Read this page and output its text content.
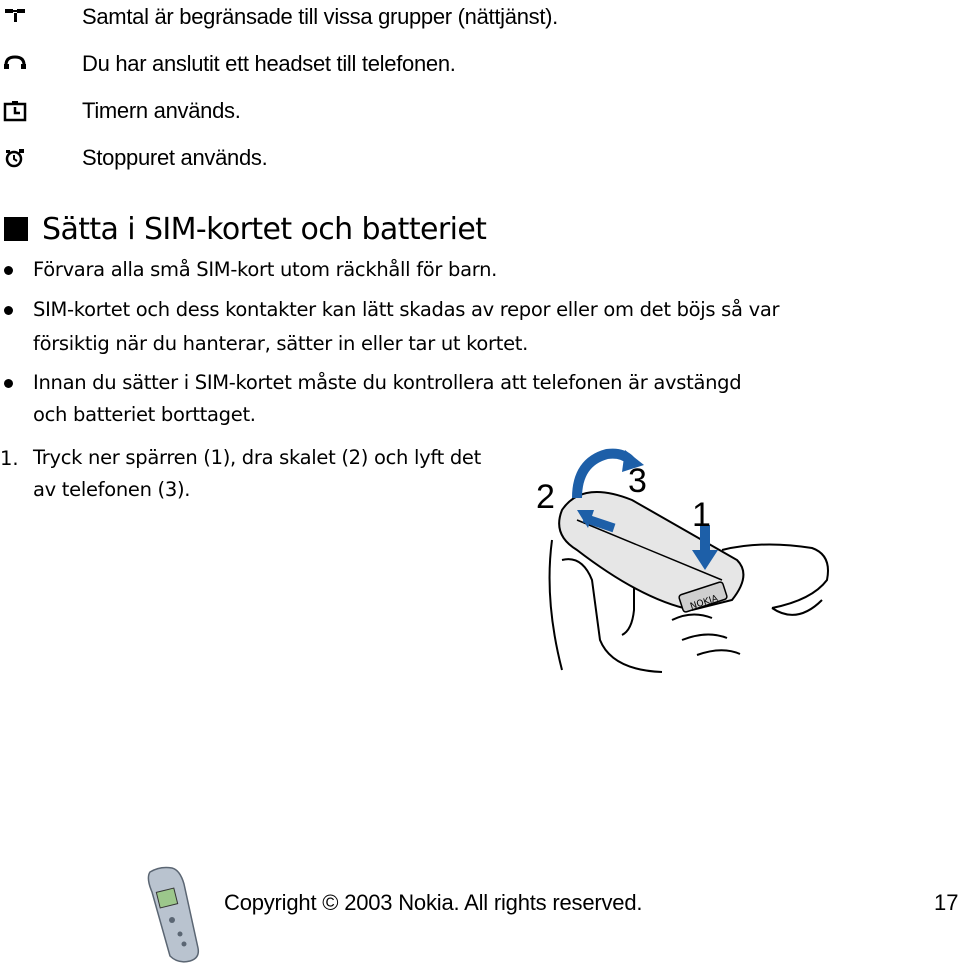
Samtal är begränsade till vissa grupper (nättjänst).
Du har anslutit ett headset till telefonen.
Timern används.
Stoppuret används.
Sätta i SIM-kortet och batteriet
Förvara alla små SIM-kort utom räckhåll för barn.
SIM-kortet och dess kontakter kan lätt skadas av repor eller om det böjs så var
försiktig när du hanterar, sätter in eller tar ut kortet.
Innan du sätter i SIM-kortet måste du kontrollera att telefonen är avstängd
och batteriet borttaget.
1. Tryck ner spärren (1), dra skalet (2) och lyft det
av telefonen (3).
NOKIA
2 3
1
Copyright © 2003 Nokia. All rights reserved.	17
